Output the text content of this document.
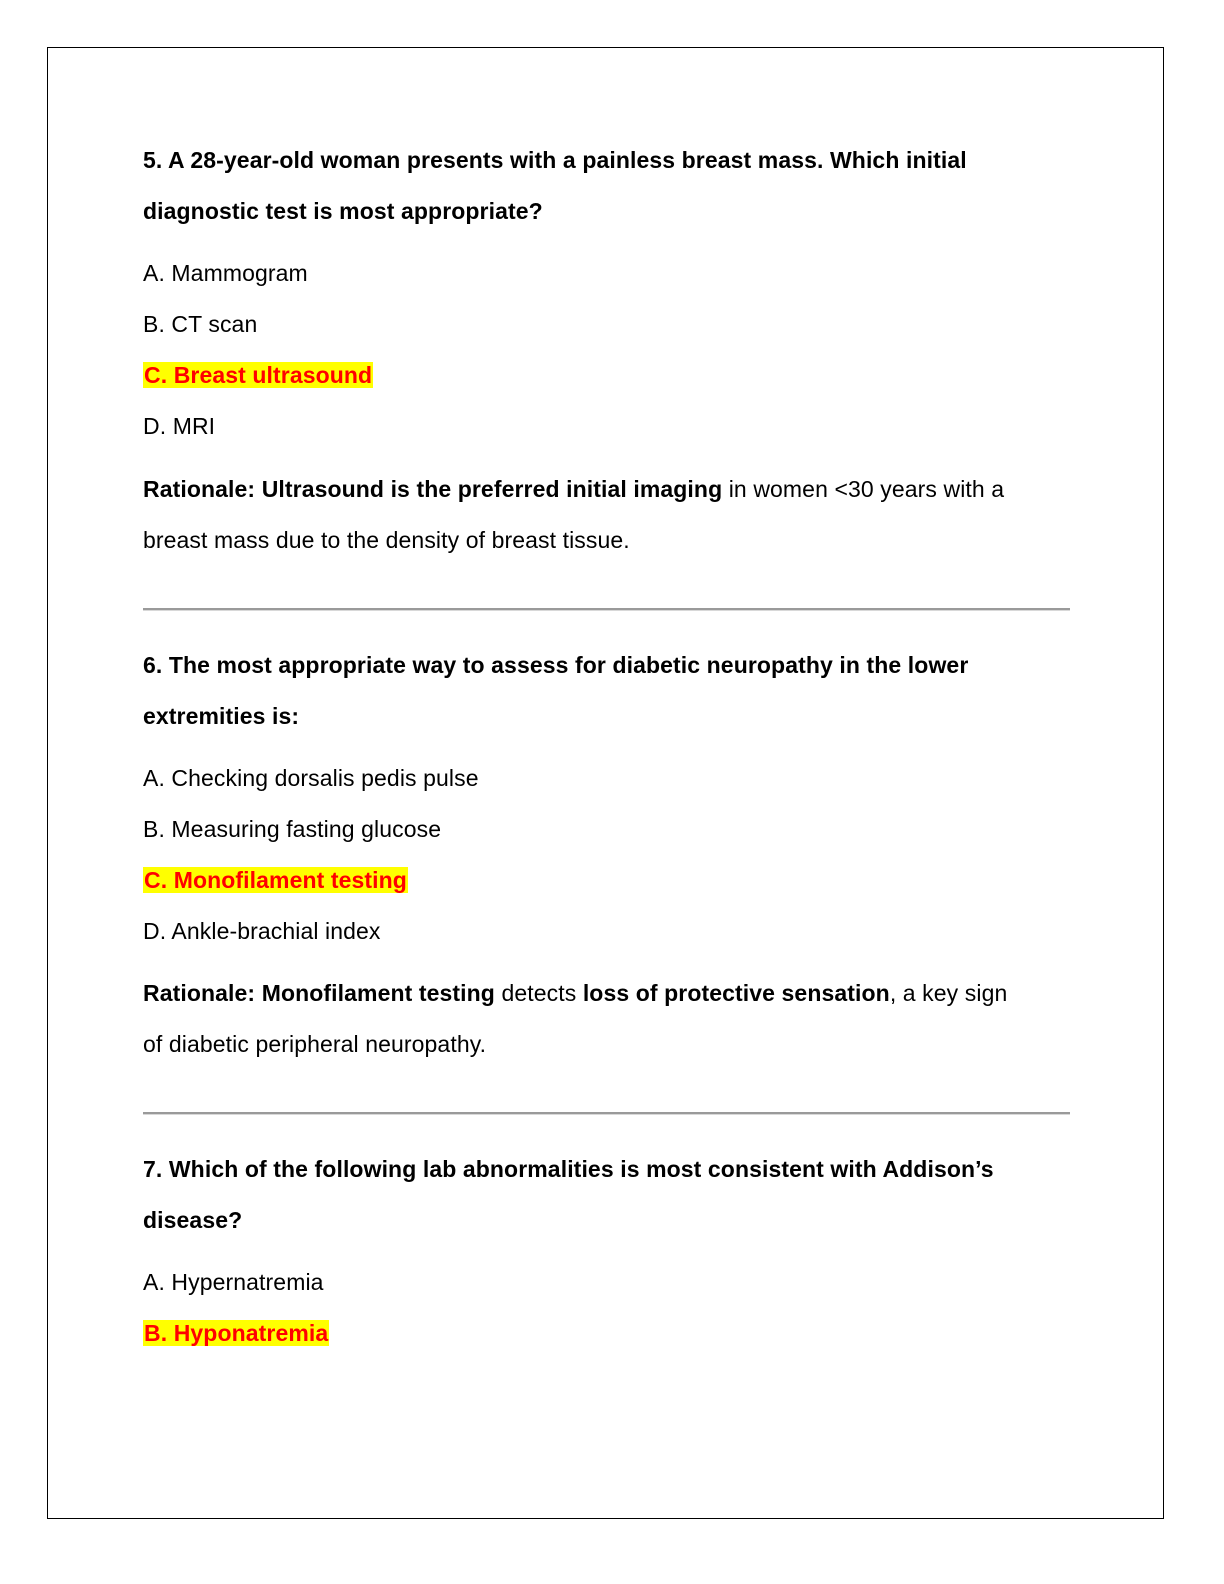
5. A 28-year-old woman presents with a painless breast mass. Which initial
diagnostic test is most appropriate?
A. Mammogram
B. CT scan
C. Breast ultrasound
D. MRI
Rationale: Ultrasound is the preferred initial imaging in women <30 years with a
breast mass due to the density of breast tissue.
6. The most appropriate way to assess for diabetic neuropathy in the lower
extremities is:
A. Checking dorsalis pedis pulse
B. Measuring fasting glucose
C. Monofilament testing
D. Ankle-brachial index
Rationale: Monofilament testing detects loss of protective sensation, a key sign
of diabetic peripheral neuropathy.
7. Which of the following lab abnormalities is most consistent with Addison’s
disease?
A. Hypernatremia
B. Hyponatremia
